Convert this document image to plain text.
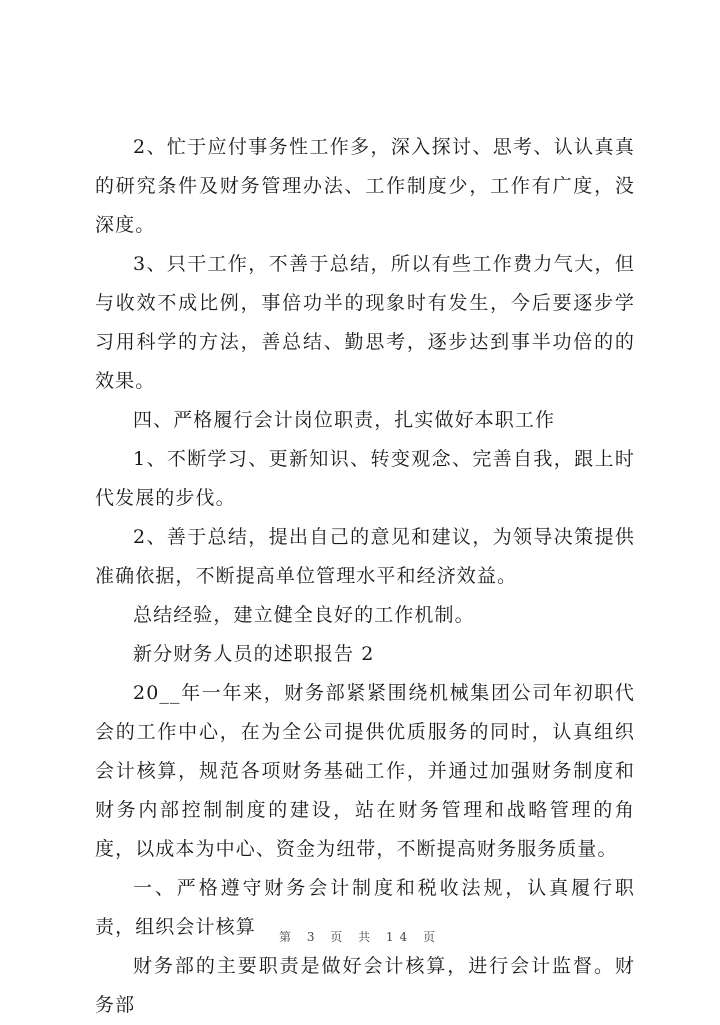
2、忙于应付事务性工作多，深入探讨、思考、认认真真的研究条件及财务管理办法、工作制度少，工作有广度，没深度。

3、只干工作，不善于总结，所以有些工作费力气大，但与收效不成比例，事倍功半的现象时有发生，今后要逐步学习用科学的方法，善总结、勤思考，逐步达到事半功倍的的效果。

四、严格履行会计岗位职责，扎实做好本职工作

1、不断学习、更新知识、转变观念、完善自我，跟上时代发展的步伐。

2、善于总结，提出自己的意见和建议，为领导决策提供准确依据，不断提高单位管理水平和经济效益。

总结经验，建立健全良好的工作机制。

新分财务人员的述职报告 2

20__年一年来，财务部紧紧围绕机械集团公司年初职代会的工作中心，在为全公司提供优质服务的同时，认真组织会计核算，规范各项财务基础工作，并通过加强财务制度和财务内部控制制度的建设，站在财务管理和战略管理的角度，以成本为中心、资金为纽带，不断提高财务服务质量。

一、严格遵守财务会计制度和税收法规，认真履行职责，组织会计核算

财务部的主要职责是做好会计核算，进行会计监督。财务部

第 3 页 共 14 页
